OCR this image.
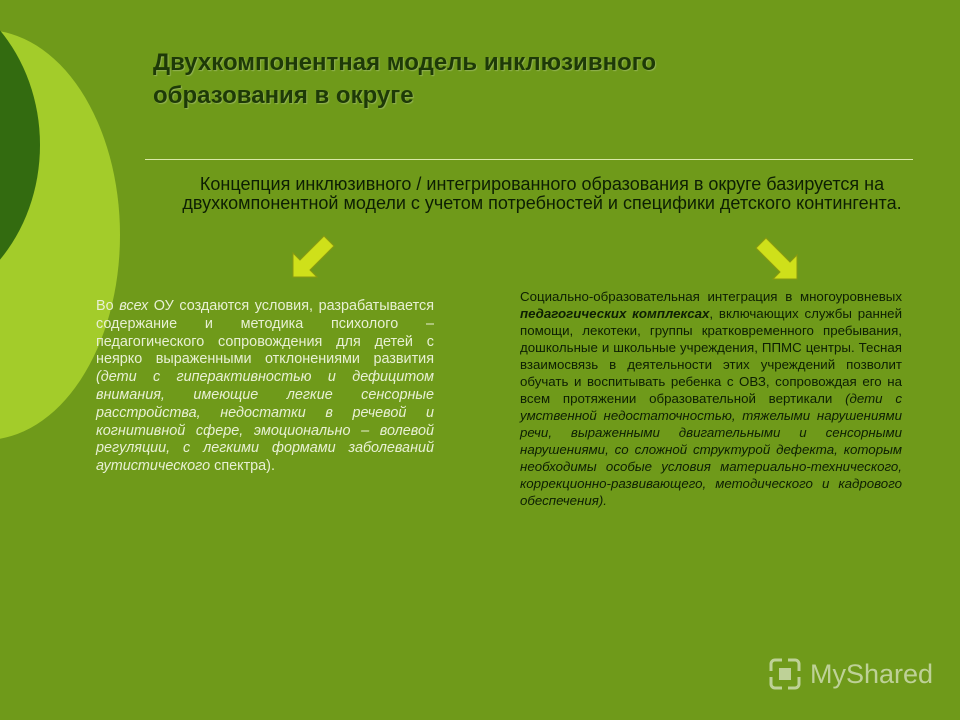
Двухкомпонентная модель инклюзивного
образования в округе
Концепция инклюзивного / интегрированного образования в округе базируется на двухкомпонентной модели с учетом потребностей и специфики детского контингента.
Во всех ОУ создаются условия, разрабатывается содержание и методика психолого – педагогического сопровождения для детей с неярко выраженными отклонениями развития (дети с гиперактивностью и дефицитом внимания, имеющие легкие сенсорные расстройства, недостатки в речевой и когнитивной сфере, эмоционально – волевой регуляции, с легкими формами заболеваний аутистического спектра).
Социально-образовательная интеграция в многоуровневых педагогических комплексах, включающих службы ранней помощи, лекотеки, группы кратковременного пребывания, дошкольные и школьные учреждения, ППМС центры. Тесная взаимосвязь в деятельности этих учреждений позволит обучать и воспитывать ребенка с ОВЗ, сопровождая его на всем протяжении образовательной вертикали (дети с умственной недостаточностью, тяжелыми нарушениями речи, выраженными двигательными и сенсорными нарушениями, со сложной структурой дефекта, которым необходимы особые условия материально-технического, коррекционно-развивающего, методического и кадрового обеспечения).
MyShared
